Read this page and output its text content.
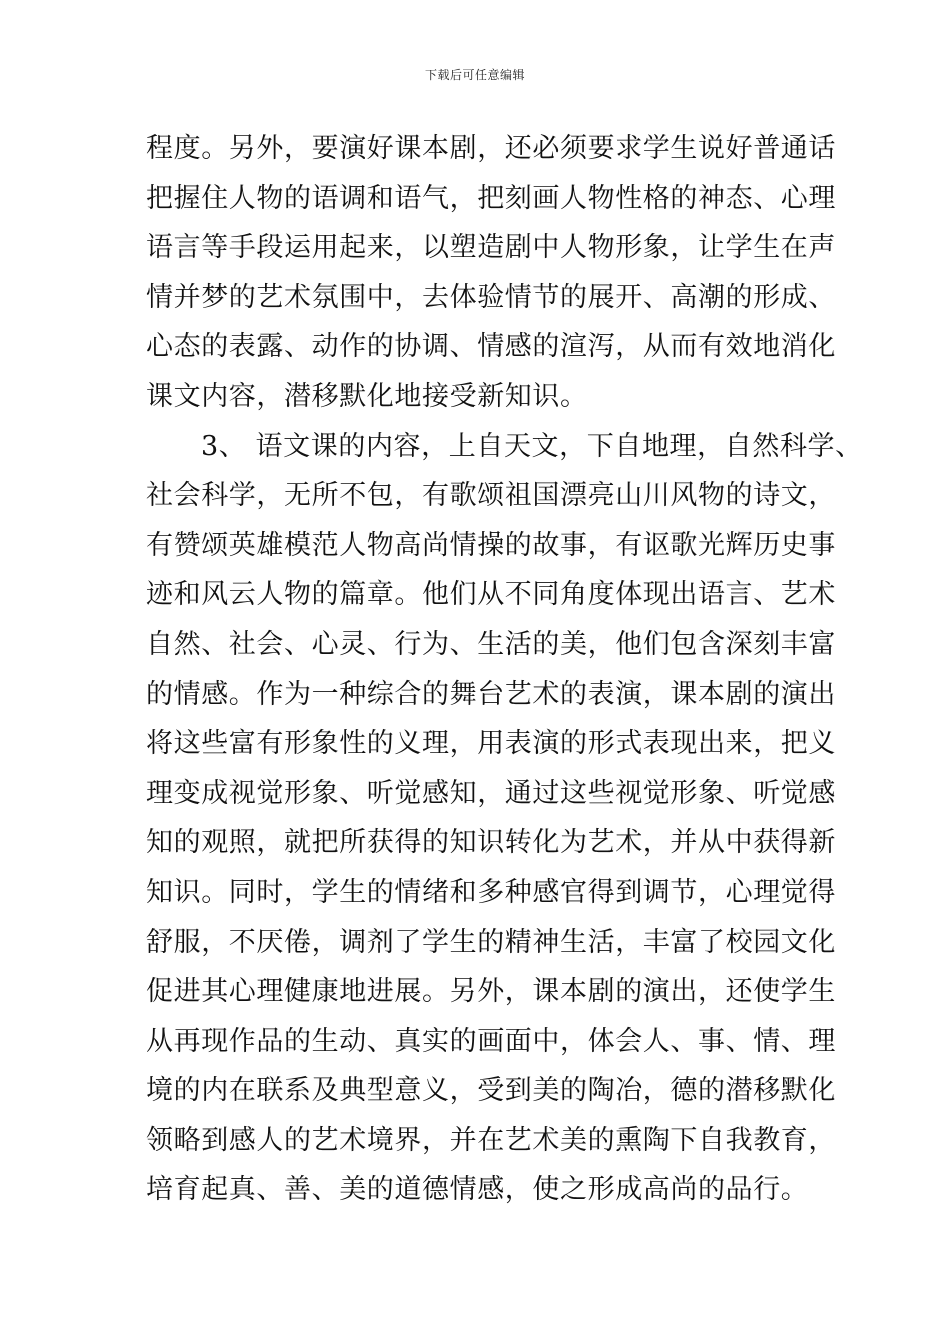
下载后可任意编辑
程度。另外，要演好课本剧，还必须要求学生说好普通话
把握住人物的语调和语气，把刻画人物性格的神态、心理
语言等手段运用起来，以塑造剧中人物形象，让学生在声
情并梦的艺术氛围中，去体验情节的展开、高潮的形成、
心态的表露、动作的协调、情感的渲泻，从而有效地消化
课文内容，潜移默化地接受新知识。
3、 语文课的内容，上自天文，下自地理，自然科学、
社会科学，无所不包，有歌颂祖国漂亮山川风物的诗文，
有赞颂英雄模范人物高尚情操的故事，有讴歌光辉历史事
迹和风云人物的篇章。他们从不同角度体现出语言、艺术
自然、社会、心灵、行为、生活的美，他们包含深刻丰富
的情感。作为一种综合的舞台艺术的表演，课本剧的演出
将这些富有形象性的义理，用表演的形式表现出来，把义
理变成视觉形象、听觉感知，通过这些视觉形象、听觉感
知的观照，就把所获得的知识转化为艺术，并从中获得新
知识。同时，学生的情绪和多种感官得到调节，心理觉得
舒服，不厌倦，调剂了学生的精神生活，丰富了校园文化
促进其心理健康地进展。另外，课本剧的演出，还使学生
从再现作品的生动、真实的画面中，体会人、事、情、理
境的内在联系及典型意义，受到美的陶冶，德的潜移默化
领略到感人的艺术境界，并在艺术美的熏陶下自我教育，
培育起真、善、美的道德情感，使之形成高尚的品行。
